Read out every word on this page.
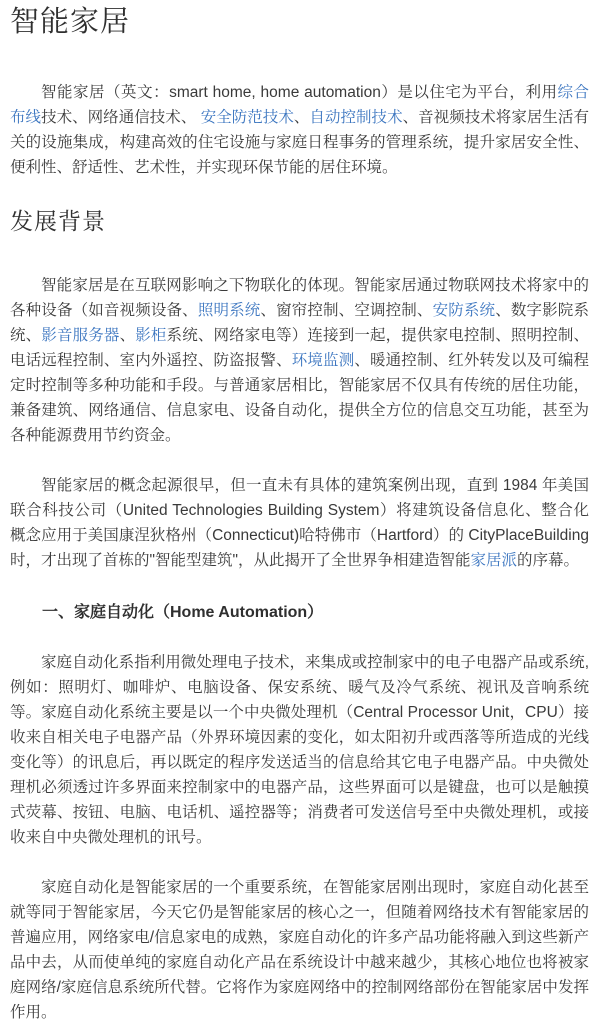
智能家居

智能家居（英文：smart home, home automation）是以住宅为平台，利用综合布线技术、网络通信技术、 安全防范技术、自动控制技术、音视频技术将家居生活有关的设施集成，构建高效的住宅设施与家庭日程事务的管理系统，提升家居安全性、便利性、舒适性、艺术性，并实现环保节能的居住环境。

发展背景

智能家居是在互联网影响之下物联化的体现。智能家居通过物联网技术将家中的各种设备（如音视频设备、照明系统、窗帘控制、空调控制、安防系统、数字影院系统、影音服务器、影柜系统、网络家电等）连接到一起，提供家电控制、照明控制、电话远程控制、室内外遥控、防盗报警、环境监测、暖通控制、红外转发以及可编程定时控制等多种功能和手段。与普通家居相比，智能家居不仅具有传统的居住功能，兼备建筑、网络通信、信息家电、设备自动化，提供全方位的信息交互功能，甚至为各种能源费用节约资金。

智能家居的概念起源很早，但一直未有具体的建筑案例出现，直到 1984 年美国联合科技公司（United Technologies Building System）将建筑设备信息化、整合化概念应用于美国康涅狄格州（Connecticut)哈特佛市（Hartford）的 CityPlaceBuilding 时，才出现了首栋的"智能型建筑"，从此揭开了全世界争相建造智能家居派的序幕。

一、家庭自动化（Home Automation）

家庭自动化系指利用微处理电子技术，来集成或控制家中的电子电器产品或系统,例如：照明灯、咖啡炉、电脑设备、保安系统、暖气及冷气系统、视讯及音响系统等。家庭自动化系统主要是以一个中央微处理机（Central Processor Unit，CPU）接收来自相关电子电器产品（外界环境因素的变化，如太阳初升或西落等所造成的光线变化等）的讯息后，再以既定的程序发送适当的信息给其它电子电器产品。中央微处理机必须透过许多界面来控制家中的电器产品，这些界面可以是键盘，也可以是触摸式荧幕、按钮、电脑、电话机、遥控器等；消费者可发送信号至中央微处理机，或接收来自中央微处理机的讯号。

家庭自动化是智能家居的一个重要系统，在智能家居刚出现时，家庭自动化甚至就等同于智能家居，今天它仍是智能家居的核心之一，但随着网络技术有智能家居的普遍应用，网络家电/信息家电的成熟，家庭自动化的许多产品功能将融入到这些新产品中去，从而使单纯的家庭自动化产品在系统设计中越来越少，其核心地位也将被家庭网络/家庭信息系统所代替。它将作为家庭网络中的控制网络部份在智能家居中发挥作用。
